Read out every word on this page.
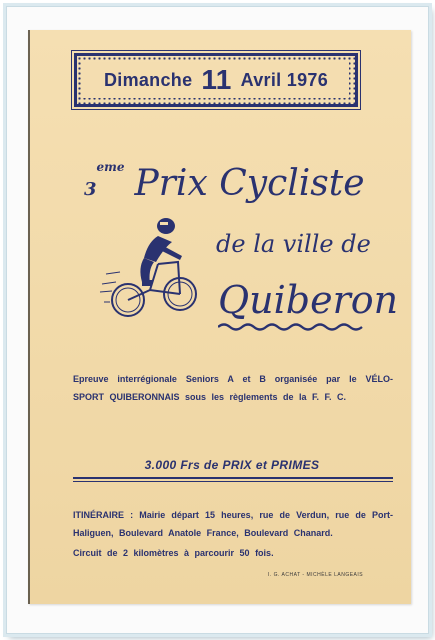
Dimanche 11 Avril 1976
3eme Prix Cycliste
de la ville de
Quiberon
Epreuve interrégionale Seniors A et B organisée par le VÉLO-SPORT QUIBERONNAIS sous les règlements de la F. F. C.
3.000 Frs de PRIX et PRIMES
ITINÉRAIRE : Mairie départ 15 heures, rue de Verdun, rue de Port-Haliguen, Boulevard Anatole France, Boulevard Chanard.
Circuit de 2 kilomètres à parcourir 50 fois.
I. G. ACHAT - MICHÈLE LANGEAIS
